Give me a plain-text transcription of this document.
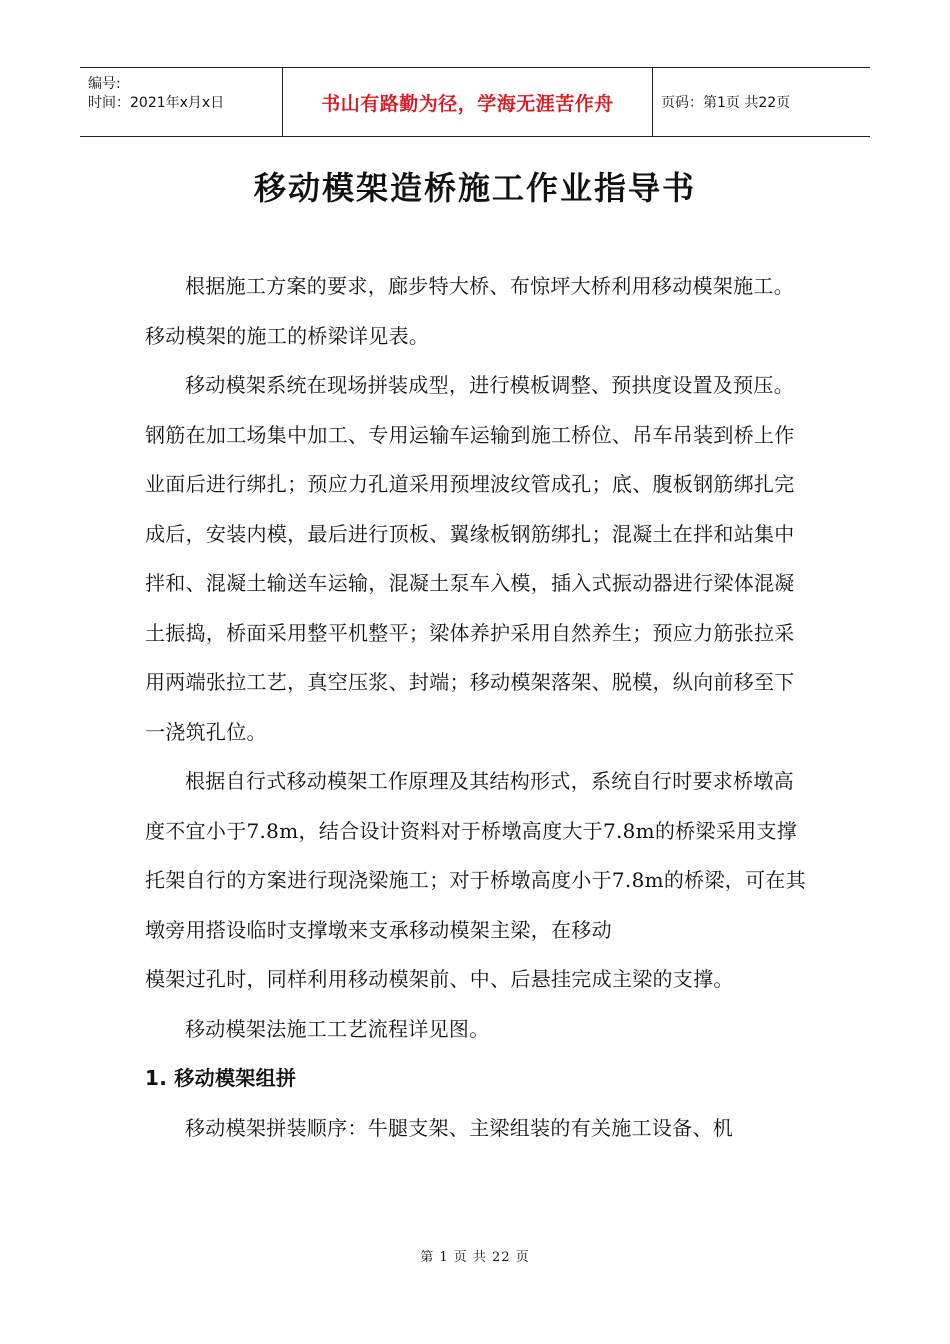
编号:
时间：2021年x月x日	书山有路勤为径，学海无涯苦作舟	页码：第1页 共22页
移动模架造桥施工作业指导书

根据施工方案的要求，廊步特大桥、布惊坪大桥利用移动模架施工。移动模架的施工的桥梁详见表。

移动模架系统在现场拼装成型，进行模板调整、预拱度设置及预压。钢筋在加工场集中加工、专用运输车运输到施工桥位、吊车吊装到桥上作业面后进行绑扎；预应力孔道采用预埋波纹管成孔；底、腹板钢筋绑扎完成后，安装内模，最后进行顶板、翼缘板钢筋绑扎；混凝土在拌和站集中拌和、混凝土输送车运输，混凝土泵车入模，插入式振动器进行梁体混凝土振捣，桥面采用整平机整平；梁体养护采用自然养生；预应力筋张拉采用两端张拉工艺，真空压浆、封端；移动模架落架、脱模，纵向前移至下一浇筑孔位。

根据自行式移动模架工作原理及其结构形式，系统自行时要求桥墩高度不宜小于7.8m，结合设计资料对于桥墩高度大于7.8m的桥梁采用支撑托架自行的方案进行现浇梁施工；对于桥墩高度小于7.8m的桥梁，可在其墩旁用搭设临时支撑墩来支承移动模架主梁，在移动

模架过孔时，同样利用移动模架前、中、后悬挂完成主梁的支撑。

移动模架法施工工艺流程详见图。

1. 移动模架组拼

移动模架拼装顺序：牛腿支架、主梁组装的有关施工设备、机

第 1 页 共 22 页
